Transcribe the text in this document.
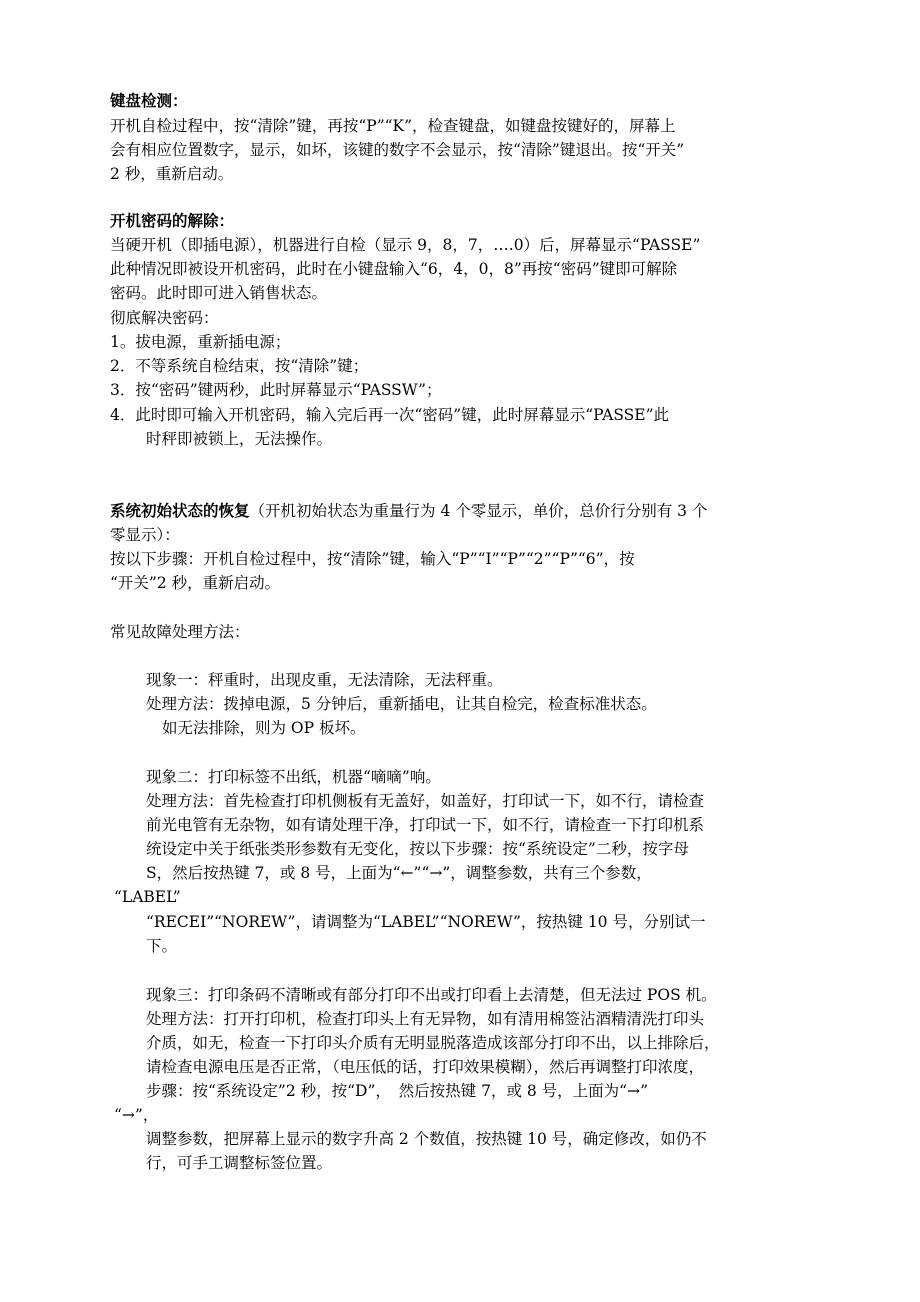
键盘检测：
开机自检过程中，按“清除”键，再按“P”“K”，检查键盘，如键盘按键好的，屏幕上
会有相应位置数字，显示，如坏，该键的数字不会显示，按“清除”键退出。按“开关”
2 秒，重新启动。
开机密码的解除：
当硬开机（即插电源），机器进行自检（显示 9，8，7，….0）后，屏幕显示“PASSE”
此种情况即被设开机密码，此时在小键盘输入“6，4，0，8”再按“密码”键即可解除
密码。此时即可进入销售状态。
彻底解决密码：
1。拔电源，重新插电源；
2．不等系统自检结束，按“清除”键；
3．按“密码”键两秒，此时屏幕显示“PASSW”；
4．此时即可输入开机密码，输入完后再一次“密码”键，此时屏幕显示“PASSE”此
时秤即被锁上，无法操作。
系统初始状态的恢复（开机初始状态为重量行为 4 个零显示，单价，总价行分别有 3 个
零显示）：
按以下步骤：开机自检过程中，按“清除”键，输入“P”“I”“P”“2”“P”“6”，按
“开关”2 秒，重新启动。
常见故障处理方法：
现象一：秤重时，出现皮重，无法清除，无法秤重。
处理方法：拨掉电源，5 分钟后，重新插电，让其自检完，检查标准状态。
如无法排除，则为 OP 板坏。
现象二：打印标签不出纸，机器“嘀嘀”响。
处理方法：首先检查打印机侧板有无盖好，如盖好，打印试一下，如不行，请检查
前光电管有无杂物，如有请处理干净，打印试一下，如不行，请检查一下打印机系
统设定中关于纸张类形参数有无变化，按以下步骤：按“系统设定”二秒，按字母
S，然后按热键 7，或 8 号，上面为“←”“→”，调整参数，共有三个参数，
“LABEL”
“RECEI”“NOREW”，请调整为“LABEL”“NOREW”，按热键 10 号，分别试一
下。
现象三：打印条码不清晰或有部分打印不出或打印看上去清楚，但无法过 POS 机。
处理方法：打开打印机，检查打印头上有无异物，如有清用棉签沾酒精清洗打印头
介质，如无，检查一下打印头介质有无明显脱落造成该部分打印不出，以上排除后，
请检查电源电压是否正常，（电压低的话，打印效果模糊），然后再调整打印浓度，
步骤：按“系统设定”2 秒，按“D”，　然后按热键 7，或 8 号，上面为“→”
“→”，
调整参数，把屏幕上显示的数字升高 2 个数值，按热键 10 号，确定修改，如仍不
行，可手工调整标签位置。
